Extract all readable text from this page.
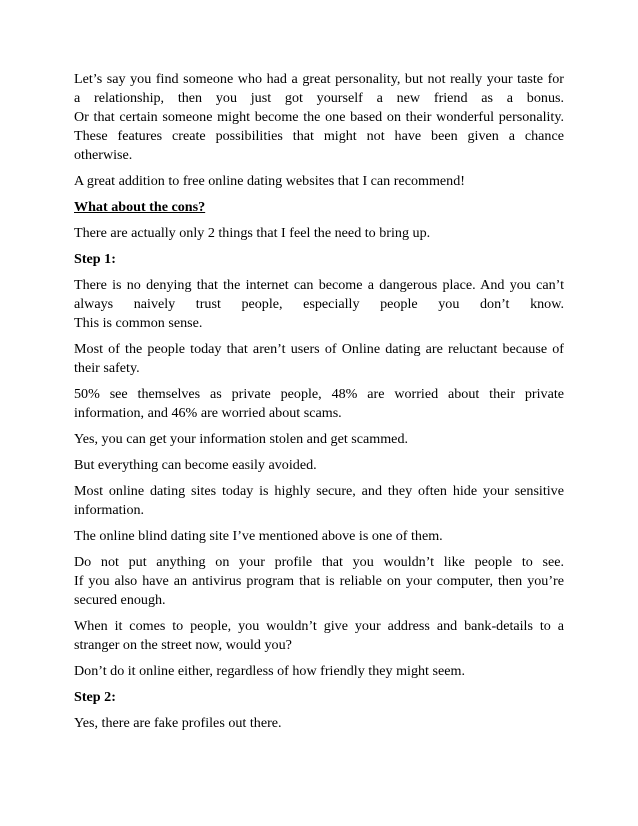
Let’s say you find someone who had a great personality, but not really your taste for
a relationship, then you just got yourself a new friend as a bonus.
Or that certain someone might become the one based on their wonderful personality.
These features create possibilities that might not have been given a chance
otherwise.

A great addition to free online dating websites that I can recommend!

What about the cons?

There are actually only 2 things that I feel the need to bring up.

Step 1:

There is no denying that the internet can become a dangerous place. And you can’t
always naively trust people, especially people you don’t know.
This is common sense.

Most of the people today that aren’t users of Online dating are reluctant because of
their safety.

50% see themselves as private people, 48% are worried about their private
information, and 46% are worried about scams.

Yes, you can get your information stolen and get scammed.

But everything can become easily avoided.

Most online dating sites today is highly secure, and they often hide your sensitive
information.

The online blind dating site I’ve mentioned above is one of them.

Do not put anything on your profile that you wouldn’t like people to see.
If you also have an antivirus program that is reliable on your computer, then you’re
secured enough.

When it comes to people, you wouldn’t give your address and bank-details to a
stranger on the street now, would you?

Don’t do it online either, regardless of how friendly they might seem.

Step 2:

Yes, there are fake profiles out there.
